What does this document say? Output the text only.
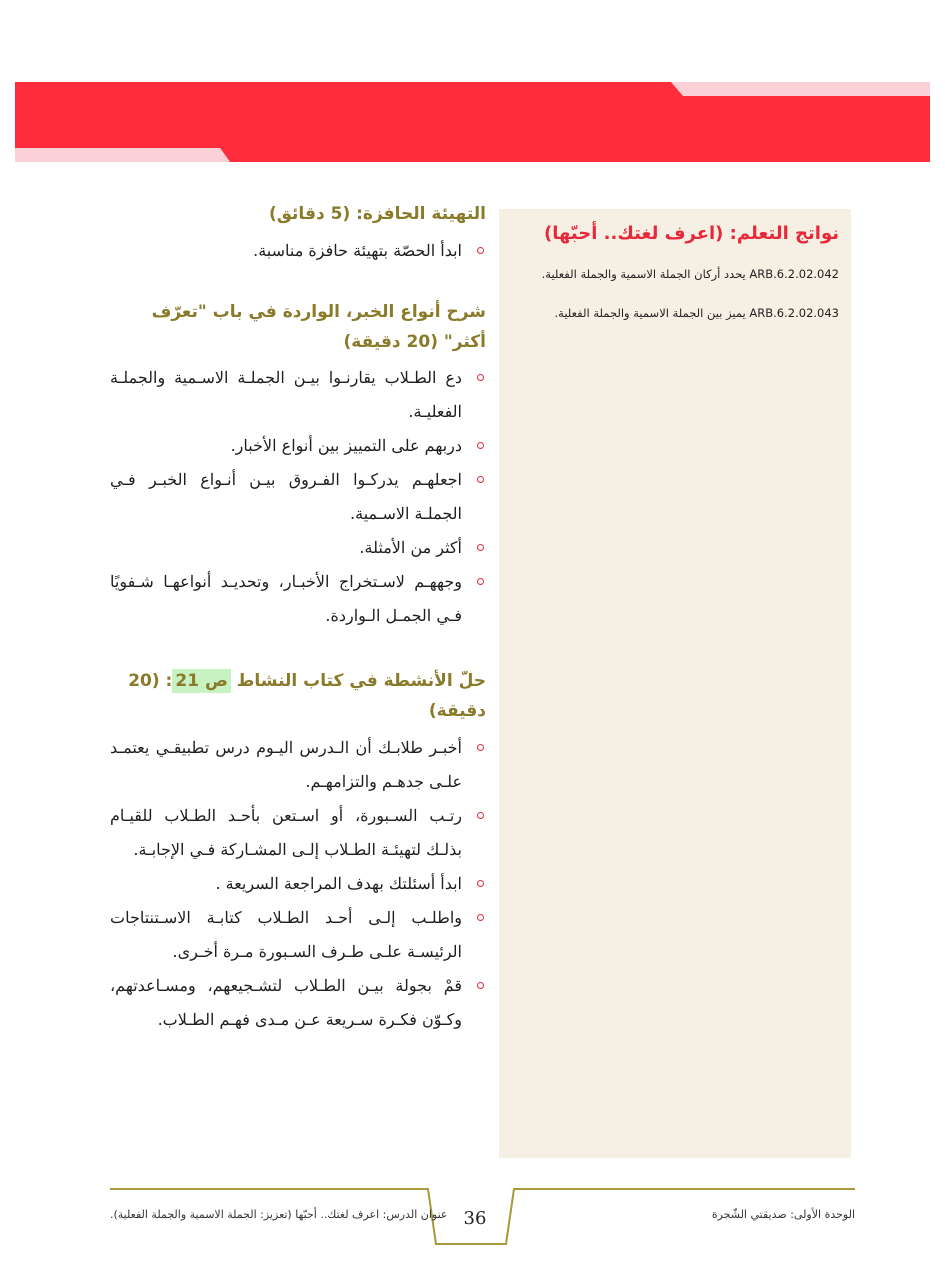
نواتج التعلم: (اعرف لغتك.. أحبّها)
ARB.6.2.02.042 يحدد أركان الجملة الاسمية والجملة الفعلية.
ARB.6.2.02.043 يميز بين الجملة الاسمية والجملة الفعلية.
التهيئة الحافزة: (5 دقائق)
ابدأ الحصّة بتهيئة حافزة مناسبة.
شرح أنواع الخبر، الواردة في باب "تعرّف أكثر" (20 دقيقة)
دع الطـلاب يقارنـوا بيـن الجملـة الاسـمية والجملـة الفعليـة.
دربهم على التمييز بين أنواع الأخبار.
اجعلهـم يدركـوا الفـروق بيـن أنـواع الخبـر فـي الجملـة الاسـمية.
أكثر من الأمثلة.
وجههـم لاسـتخراج الأخبـار، وتحديـد أنواعهـا شـفويًا فـي الجمـل الـواردة.
حلّ الأنشطة في كتاب النشاط ص 21: (20 دقيقة)
أخبـر طلابـك أن الـدرس اليـوم درس تطبيقـي يعتمـد علـى جدهـم والتزامهـم.
رتـب السـبورة، أو اسـتعن بأحـد الطـلاب للقيـام بذلـك لتهيئـة الطـلاب إلـى المشـاركة فـي الإجابـة.
ابدأ أسئلتك بهدف المراجعة السريعة .
واطلـب إلـى أحـد الطـلاب كتابـة الاسـتنتاجات الرئيسـة علـى طـرف السـبورة مـرة أخـرى.
قمْ بجولة بيـن الطـلاب لتشـجيعهم، ومسـاعدتهم، وكـوّن فكـرة سـريعة عـن مـدى فهـم الطـلاب.
عنوان الدرس: اعرف لغتك.. أحبّها (تعزيز: الجملة الاسمية والجملة الفعلية). 36	الوحدة الأولى: صديقتي الشّجرة
